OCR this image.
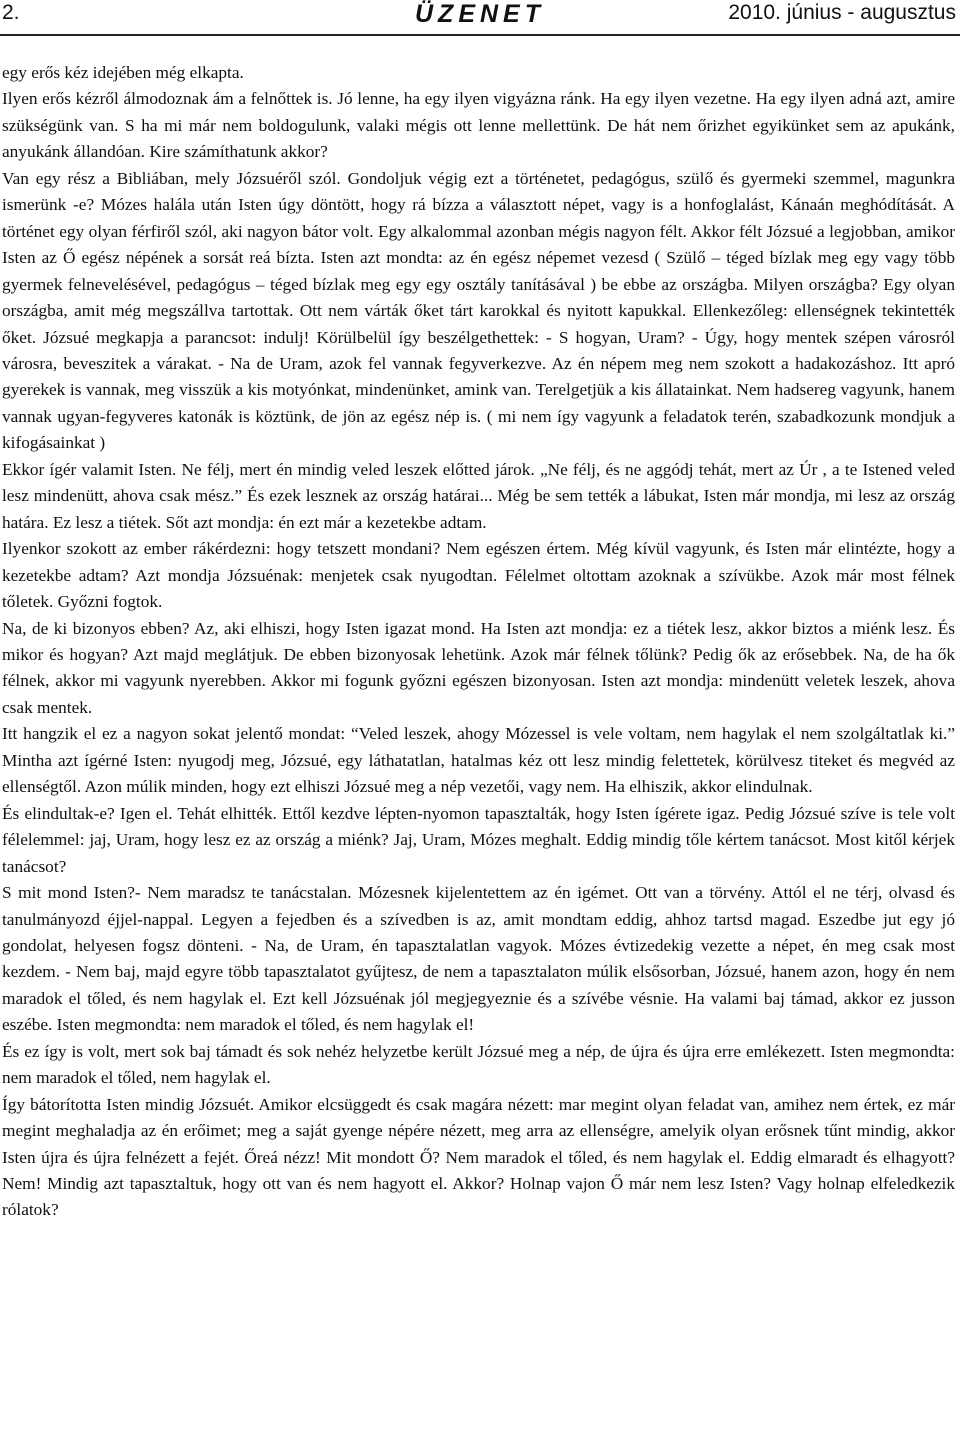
2.	ÜZENET	2010. június - augusztus

egy erős kéz idejében még elkapta.

Ilyen erős kézről álmodoznak ám a felnőttek is. Jó lenne, ha egy ilyen vigyázna ránk. Ha egy ilyen vezetne. Ha egy ilyen adná azt, amire szükségünk van. S ha mi már nem boldogulunk, valaki mégis ott lenne mellettünk. De hát nem őrizhet egyikünket sem az apukánk, anyukánk állandóan. Kire számíthatunk akkor?

Van egy rész a Bibliában, mely Józsuéről szól. Gondoljuk végig ezt a történetet, pedagógus, szülő és gyermeki szemmel, magunkra ismerünk -e? Mózes halála után Isten úgy döntött, hogy rá bízza a választott népet, vagy is a honfoglalást, Kánaán meghódítását. A történet egy olyan férfiről szól, aki nagyon bátor volt. Egy alkalommal azonban mégis nagyon félt. Akkor félt Józsué a legjobban, amikor Isten az Ő egész népének a sorsát reá bízta. Isten azt mondta: az én egész népemet vezesd ( Szülő – téged bízlak meg egy vagy több gyermek felnevelésével, pedagógus – téged bízlak meg egy egy osztály tanításával ) be ebbe az országba. Milyen országba? Egy olyan országba, amit még megszállva tartottak. Ott nem várták őket tárt karokkal és nyitott kapukkal. Ellenkezőleg: ellenségnek tekintették őket. Józsué megkapja a parancsot: indulj! Körülbelül így beszélgethettek: - S hogyan, Uram? - Úgy, hogy mentek szépen városról városra, beveszitek a várakat. - Na de Uram, azok fel vannak fegyverkezve. Az én népem meg nem szokott a hadakozáshoz. Itt apró gyerekek is vannak, meg visszük a kis motyónkat, mindenünket, amink van. Terelgetjük a kis állatainkat. Nem hadsereg vagyunk, hanem vannak ugyan-fegyveres katonák is köztünk, de jön az egész nép is. ( mi nem így vagyunk a feladatok terén, szabadkozunk mondjuk a kifogásainkat )

Ekkor ígér valamit Isten. Ne félj, mert én mindig veled leszek előtted járok. „Ne félj, és ne aggódj tehát, mert az Úr , a te Istened veled lesz mindenütt, ahova csak mész.” És ezek lesznek az ország határai... Még be sem tették a lábukat, Isten már mondja, mi lesz az ország határa. Ez lesz a tiétek. Sőt azt mondja: én ezt már a kezetekbe adtam.

Ilyenkor szokott az ember rákérdezni: hogy tetszett mondani? Nem egészen értem. Még kívül vagyunk, és Isten már elintézte, hogy a kezetekbe adtam? Azt mondja Józsuénak: menjetek csak nyugodtan. Félelmet oltottam azoknak a szívükbe. Azok már most félnek tőletek. Győzni fogtok.

Na, de ki bizonyos ebben? Az, aki elhiszi, hogy Isten igazat mond. Ha Isten azt mondja: ez a tiétek lesz, akkor biztos a miénk lesz. És mikor és hogyan? Azt majd meglátjuk. De ebben bizonyosak lehetünk. Azok már félnek tőlünk? Pedig ők az erősebbek. Na, de ha ők félnek, akkor mi vagyunk nyerebben. Akkor mi fogunk győzni egészen bizonyosan. Isten azt mondja: mindenütt veletek leszek, ahova csak mentek.

Itt hangzik el ez a nagyon sokat jelentő mondat: “Veled leszek, ahogy Mózessel is vele voltam, nem hagylak el nem szolgáltatlak ki.” Mintha azt ígérné Isten: nyugodj meg, Józsué, egy láthatatlan, hatalmas kéz ott lesz mindig felettetek, körülvesz titeket és megvéd az ellenségtől. Azon múlik minden, hogy ezt elhiszi Józsué meg a nép vezetői, vagy nem. Ha elhiszik, akkor elindulnak.

És elindultak-e? Igen el. Tehát elhitték. Ettől kezdve lépten-nyomon tapasztalták, hogy Isten ígérete igaz. Pedig Józsué szíve is tele volt félelemmel: jaj, Uram, hogy lesz ez az ország a miénk? Jaj, Uram, Mózes meghalt. Eddig mindig tőle kértem tanácsot. Most kitől kérjek tanácsot?

S mit mond Isten?- Nem maradsz te tanácstalan. Mózesnek kijelentettem az én igémet. Ott van a törvény. Attól el ne térj, olvasd és tanulmányozd éjjel-nappal. Legyen a fejedben és a szívedben is az, amit mondtam eddig, ahhoz tartsd magad. Eszedbe jut egy jó gondolat, helyesen fogsz dönteni. - Na, de Uram, én tapasztalatlan vagyok. Mózes évtizedekig vezette a népet, én meg csak most kezdem. - Nem baj, majd egyre több tapasztalatot gyűjtesz, de nem a tapasztalaton múlik elsősorban, Józsué, hanem azon, hogy én nem maradok el tőled, és nem hagylak el. Ezt kell Józsuénak jól megjegyeznie és a szívébe vésnie. Ha valami baj támad, akkor ez jusson eszébe. Isten megmondta: nem maradok el tőled, és nem hagylak el!

És ez így is volt, mert sok baj támadt és sok nehéz helyzetbe került Józsué meg a nép, de újra és újra erre emlékezett. Isten megmondta: nem maradok el tőled, nem hagylak el.

Így bátorította Isten mindig Józsuét. Amikor elcsüggedt és csak magára nézett: mar megint olyan feladat van, amihez nem értek, ez már megint meghaladja az én erőimet; meg a saját gyenge népére nézett, meg arra az ellenségre, amelyik olyan erősnek tűnt mindig, akkor Isten újra és újra felnézett a fejét. Őreá nézz! Mit mondott Ő? Nem maradok el tőled, és nem hagylak el. Eddig elmaradt és elhagyott? Nem! Mindig azt tapasztaltuk, hogy ott van és nem hagyott el. Akkor? Holnap vajon Ő már nem lesz Isten? Vagy holnap elfeledkezik rólatok?
